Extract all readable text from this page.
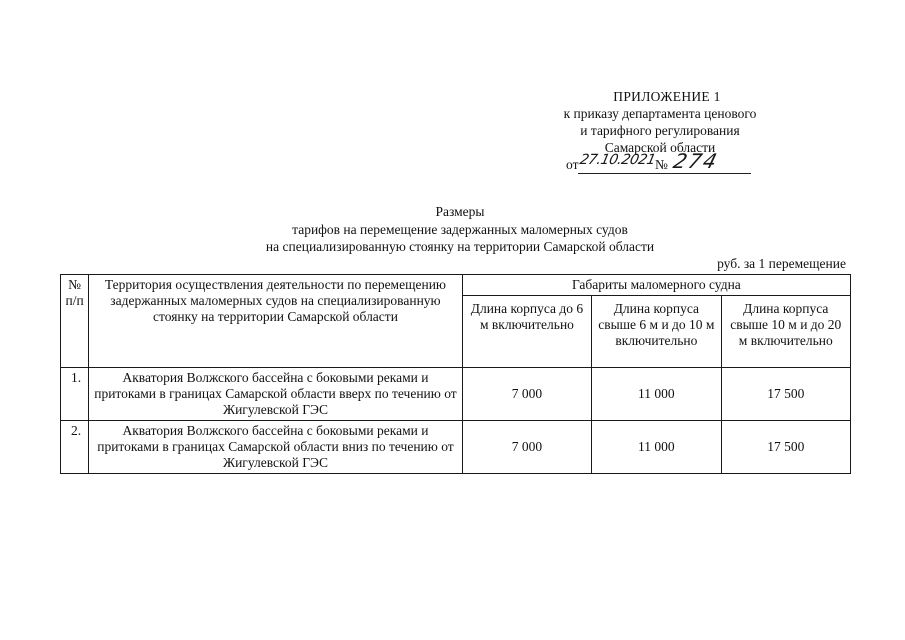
ПРИЛОЖЕНИЕ 1
к приказу департамента ценового
и тарифного регулирования
Самарской области
от 27.10.2021
№ 274
Размеры
тарифов на перемещение задержанных маломерных судов
на специализированную стоянку на территории Самарской области
руб. за 1 перемещение
№ п/п	Территория осуществления деятельности по перемещению задержанных маломерных судов на специализированную стоянку на территории Самарской области	Габариты маломерного судна		
		Длина корпуса до 6 м включительно	Длина корпуса свыше 6 м и до 10 м включительно	Длина корпуса свыше 10 м и до 20 м включительно
1.	Акватория Волжского бассейна с боковыми реками и притоками в границах Самарской области вверх по течению от Жигулевской ГЭС	7 000	11 000	17 500
2.	Акватория Волжского бассейна с боковыми реками и притоками в границах Самарской области вниз по течению от Жигулевской ГЭС	7 000	11 000	17 500
